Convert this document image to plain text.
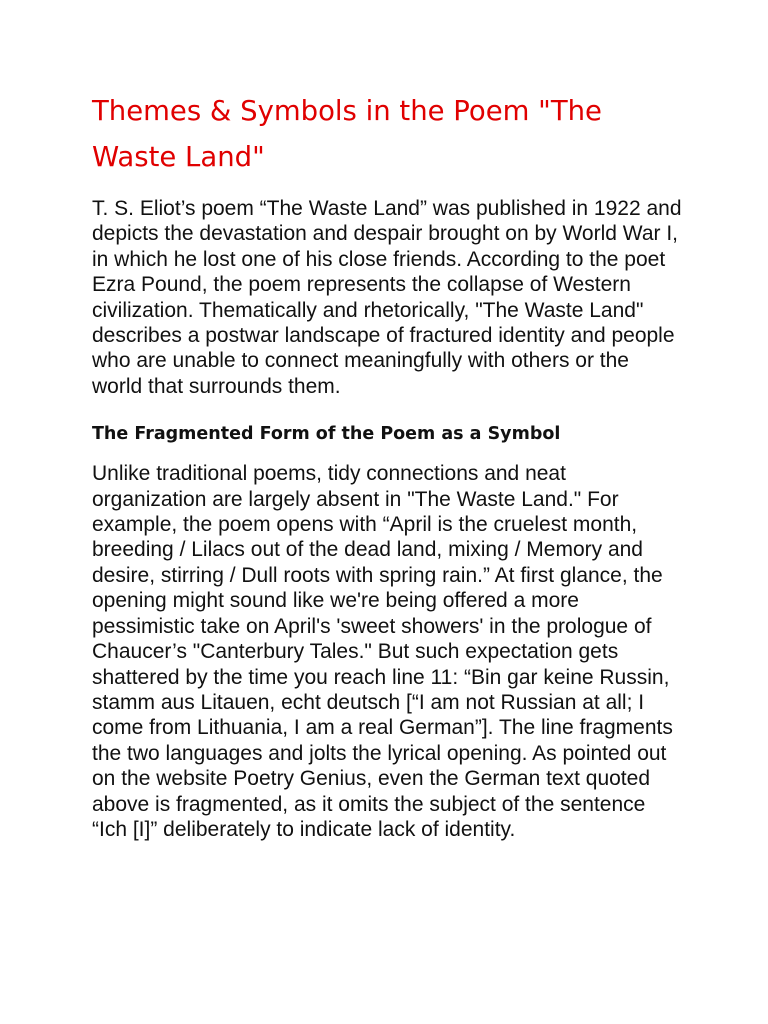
Themes & Symbols in the Poem "The Waste Land"

T. S. Eliot’s poem “The Waste Land” was published in 1922 and depicts the devastation and despair brought on by World War I, in which he lost one of his close friends. According to the poet Ezra Pound, the poem represents the collapse of Western civilization. Thematically and rhetorically, "The Waste Land" describes a postwar landscape of fractured identity and people who are unable to connect meaningfully with others or the world that surrounds them.

The Fragmented Form of the Poem as a Symbol

Unlike traditional poems, tidy connections and neat organization are largely absent in "The Waste Land." For example, the poem opens with “April is the cruelest month, breeding / Lilacs out of the dead land, mixing / Memory and desire, stirring / Dull roots with spring rain.” At first glance, the opening might sound like we're being offered a more pessimistic take on April's 'sweet showers' in the prologue of Chaucer’s "Canterbury Tales." But such expectation gets shattered by the time you reach line 11: “Bin gar keine Russin, stamm aus Litauen, echt deutsch [“I am not Russian at all; I come from Lithuania, I am a real German”]. The line fragments the two languages and jolts the lyrical opening. As pointed out on the website Poetry Genius, even the German text quoted above is fragmented, as it omits the subject of the sentence “Ich [I]” deliberately to indicate lack of identity.
